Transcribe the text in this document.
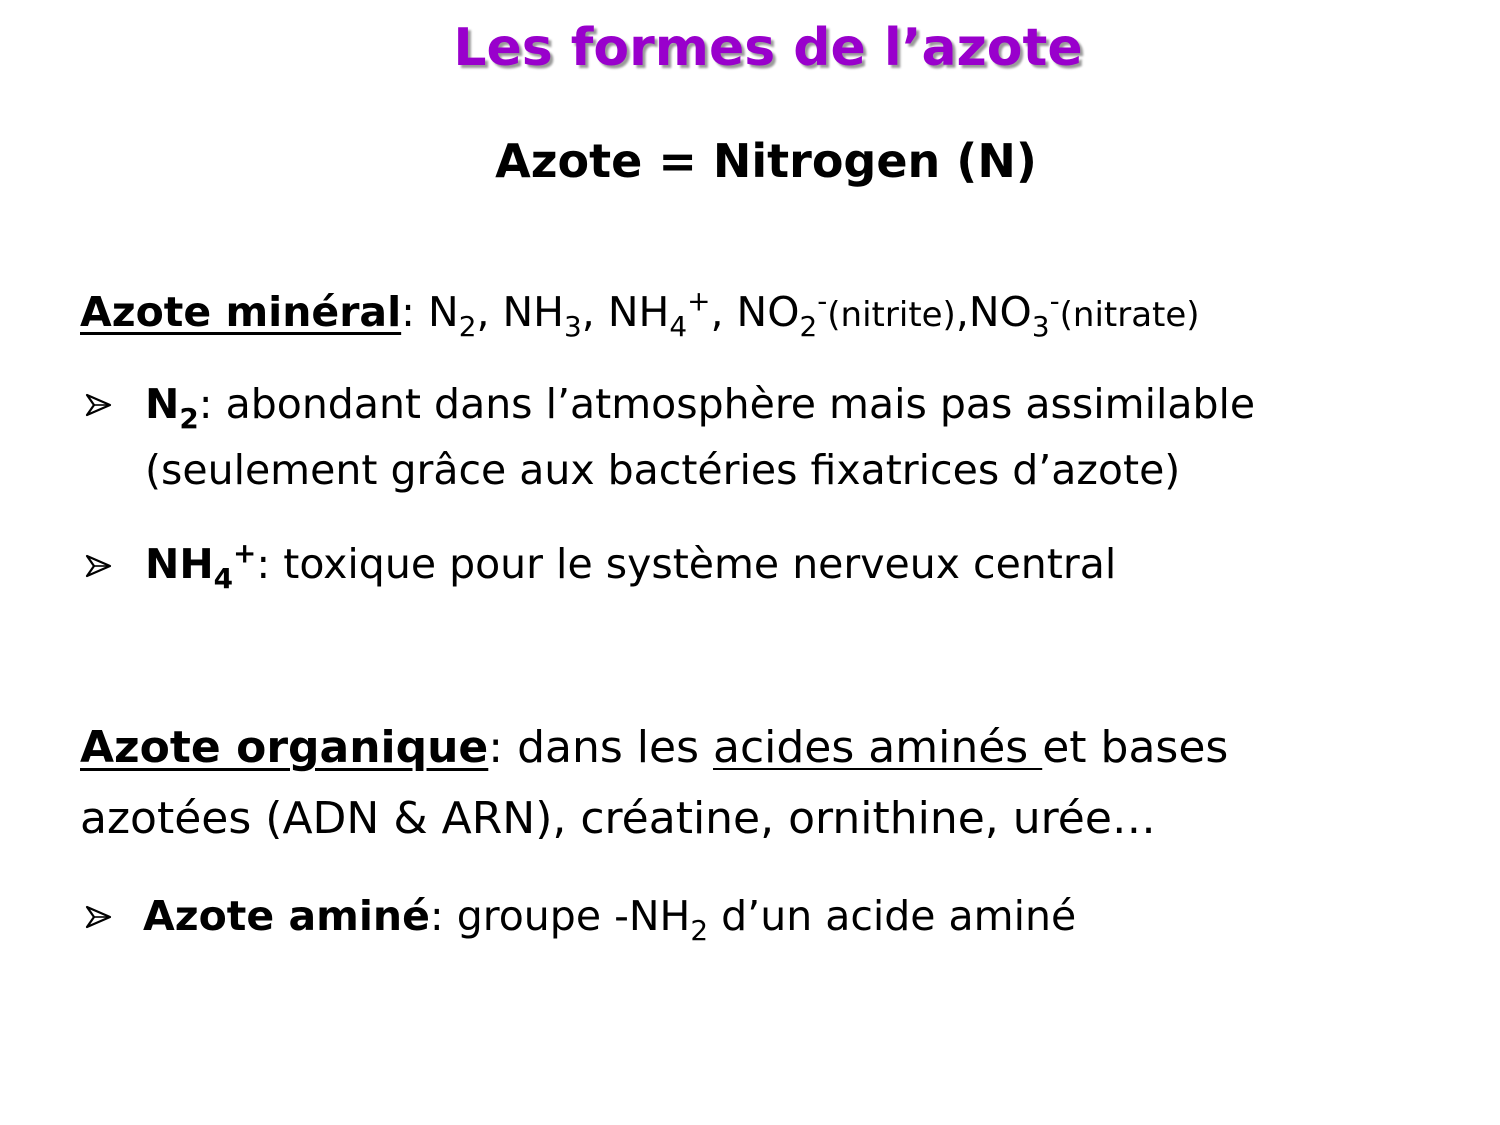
Les formes de l’azote
Azote = Nitrogen (N)
Azote minéral: $N_2$, $NH_3$, $NH_4^+$, $NO_2^-(nitrite),NO_3^-(nitrate)$
$N_2$: abondant dans l’atmosphère mais pas assimilable
(seulement grâce aux bactéries fixatrices d’azote)
$NH_4^+$: toxique pour le système nerveux central
Azote organique: dans les acides aminés et bases
azotées (ADN & ARN), créatine, ornithine, urée…
Azote aminé: groupe $-NH_2$ d’un acide aminé
